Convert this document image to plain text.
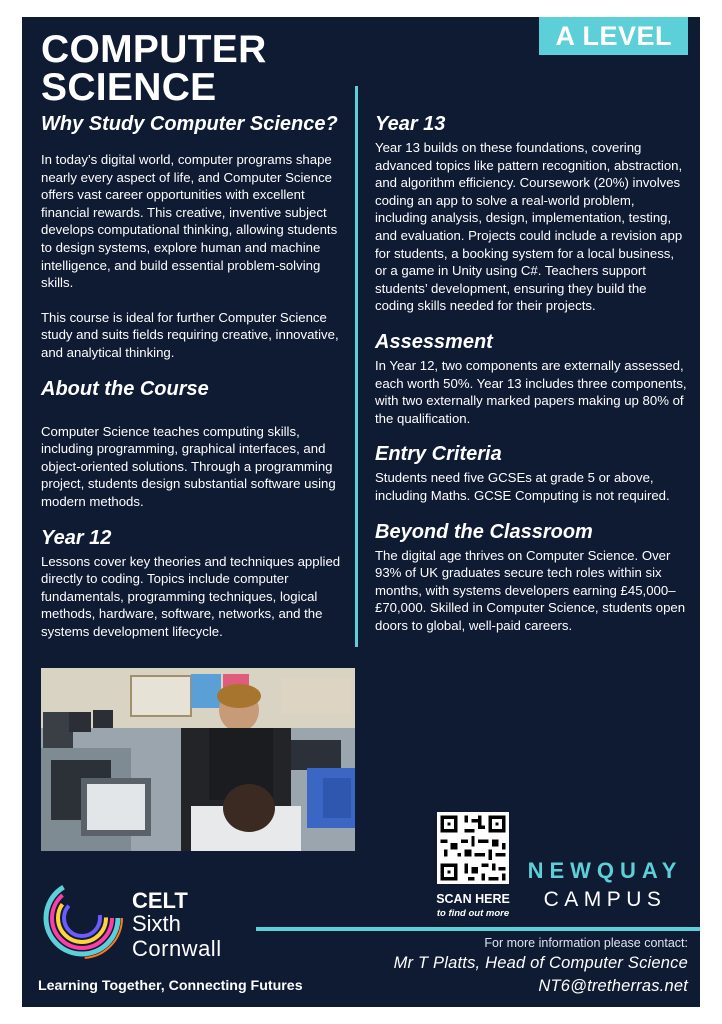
A LEVEL
COMPUTER
SCIENCE
Why Study Computer Science?

In today’s digital world, computer programs shape nearly every aspect of life, and Computer Science offers vast career opportunities with excellent financial rewards. This creative, inventive subject develops computational thinking, allowing students to design systems, explore human and machine intelligence, and build essential problem-solving skills.

This course is ideal for further Computer Science study and suits fields requiring creative, innovative, and analytical thinking.

About the Course

Computer Science teaches computing skills, including programming, graphical interfaces, and object-oriented solutions. Through a programming project, students design substantial software using modern methods.

Year 12

Lessons cover key theories and techniques applied directly to coding. Topics include computer fundamentals, programming techniques, logical methods, hardware, software, networks, and the systems development lifecycle.

Year 13

Year 13 builds on these foundations, covering advanced topics like pattern recognition, abstraction, and algorithm efficiency. Coursework (20%) involves coding an app to solve a real-world problem, including analysis, design, implementation, testing, and evaluation. Projects could include a revision app for students, a booking system for a local business, or a game in Unity using C#. Teachers support students’ development, ensuring they build the coding skills needed for their projects.

Assessment

In Year 12, two components are externally assessed, each worth 50%. Year 13 includes three components, with two externally marked papers making up 80% of the qualification.

Entry Criteria

Students need five GCSEs at grade 5 or above, including Maths. GCSE Computing is not required.

Beyond the Classroom

The digital age thrives on Computer Science. Over 93% of UK graduates secure tech roles within six months, with systems developers earning £45,000–£70,000. Skilled in Computer Science, students open doors to global, well-paid careers.

CELT
Sixth
Cornwall
Learning Together, Connecting Futures
SCAN HERE
to find out more
NEWQUAY
CAMPUS
For more information please contact:
Mr T Platts, Head of Computer Science
NT6@tretherras.net
